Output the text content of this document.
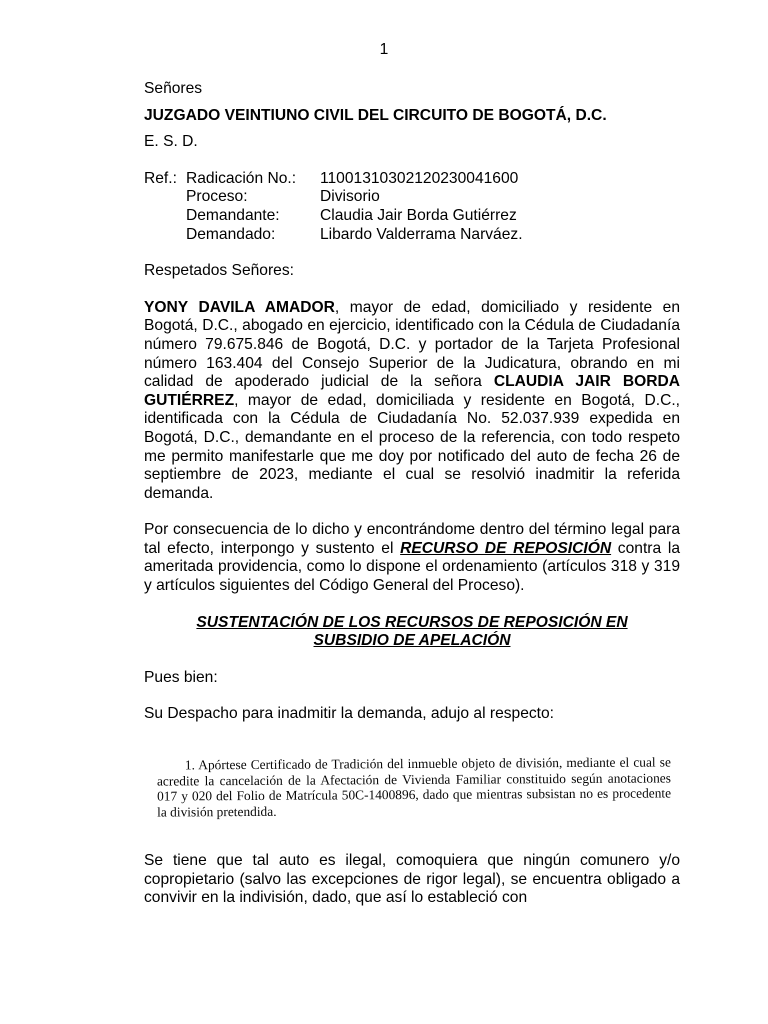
1

Señores

JUZGADO VEINTIUNO CIVIL DEL CIRCUITO DE BOGOTÁ, D.C.

E. S. D.

Ref.: Radicación No.:	11001310302120230041600
Proceso:	Divisorio
Demandante:	Claudia Jair Borda Gutiérrez
Demandado:	Libardo Valderrama Narváez.

Respetados Señores:

YONY DAVILA AMADOR, mayor de edad, domiciliado y residente en Bogotá, D.C., abogado en ejercicio, identificado con la Cédula de Ciudadanía número 79.675.846 de Bogotá, D.C. y portador de la Tarjeta Profesional número 163.404 del Consejo Superior de la Judicatura, obrando en mi calidad de apoderado judicial de la señora CLAUDIA JAIR BORDA GUTIÉRREZ, mayor de edad, domiciliada y residente en Bogotá, D.C., identificada con la Cédula de Ciudadanía No. 52.037.939 expedida en Bogotá, D.C., demandante en el proceso de la referencia, con todo respeto me permito manifestarle que me doy por notificado del auto de fecha 26 de septiembre de 2023, mediante el cual se resolvió inadmitir la referida demanda.

Por consecuencia de lo dicho y encontrándome dentro del término legal para tal efecto, interpongo y sustento el RECURSO DE REPOSICIÓN contra la ameritada providencia, como lo dispone el ordenamiento (artículos 318 y 319 y artículos siguientes del Código General del Proceso).

SUSTENTACIÓN DE LOS RECURSOS DE REPOSICIÓN EN
SUBSIDIO DE APELACIÓN

Pues bien:

Su Despacho para inadmitir la demanda, adujo al respecto:

1. Apórtese Certificado de Tradición del inmueble objeto de división, mediante el cual se acredite la cancelación de la Afectación de Vivienda Familiar constituido según anotaciones 017 y 020 del Folio de Matrícula 50C-1400896, dado que mientras subsistan no es procedente la división pretendida.

Se tiene que tal auto es ilegal, comoquiera que ningún comunero y/o copropietario (salvo las excepciones de rigor legal), se encuentra obligado a convivir en la indivisión, dado, que así lo estableció con
